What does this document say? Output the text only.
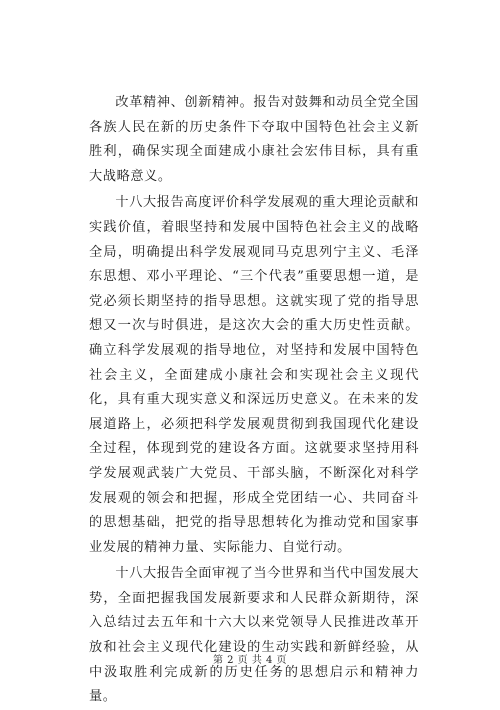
改革精神、创新精神。报告对鼓舞和动员全党全国各族人民在新的历史条件下夺取中国特色社会主义新胜利，确保实现全面建成小康社会宏伟目标，具有重大战略意义。

十八大报告高度评价科学发展观的重大理论贡献和实践价值，着眼坚持和发展中国特色社会主义的战略全局，明确提出科学发展观同马克思列宁主义、毛泽东思想、邓小平理论、“三个代表”重要思想一道，是党必须长期坚持的指导思想。这就实现了党的指导思想又一次与时俱进，是这次大会的重大历史性贡献。确立科学发展观的指导地位，对坚持和发展中国特色社会主义，全面建成小康社会和实现社会主义现代化，具有重大现实意义和深远历史意义。在未来的发展道路上，必须把科学发展观贯彻到我国现代化建设全过程，体现到党的建设各方面。这就要求坚持用科学发展观武装广大党员、干部头脑，不断深化对科学发展观的领会和把握，形成全党团结一心、共同奋斗的思想基础，把党的指导思想转化为推动党和国家事业发展的精神力量、实际能力、自觉行动。

十八大报告全面审视了当今世界和当代中国发展大势，全面把握我国发展新要求和人民群众新期待，深入总结过去五年和十六大以来党领导人民推进改革开放和社会主义现代化建设的生动实践和新鲜经验，从中汲取胜利完成新的历史任务的思想启示和精神力量。

第 2 页 共 4 页
